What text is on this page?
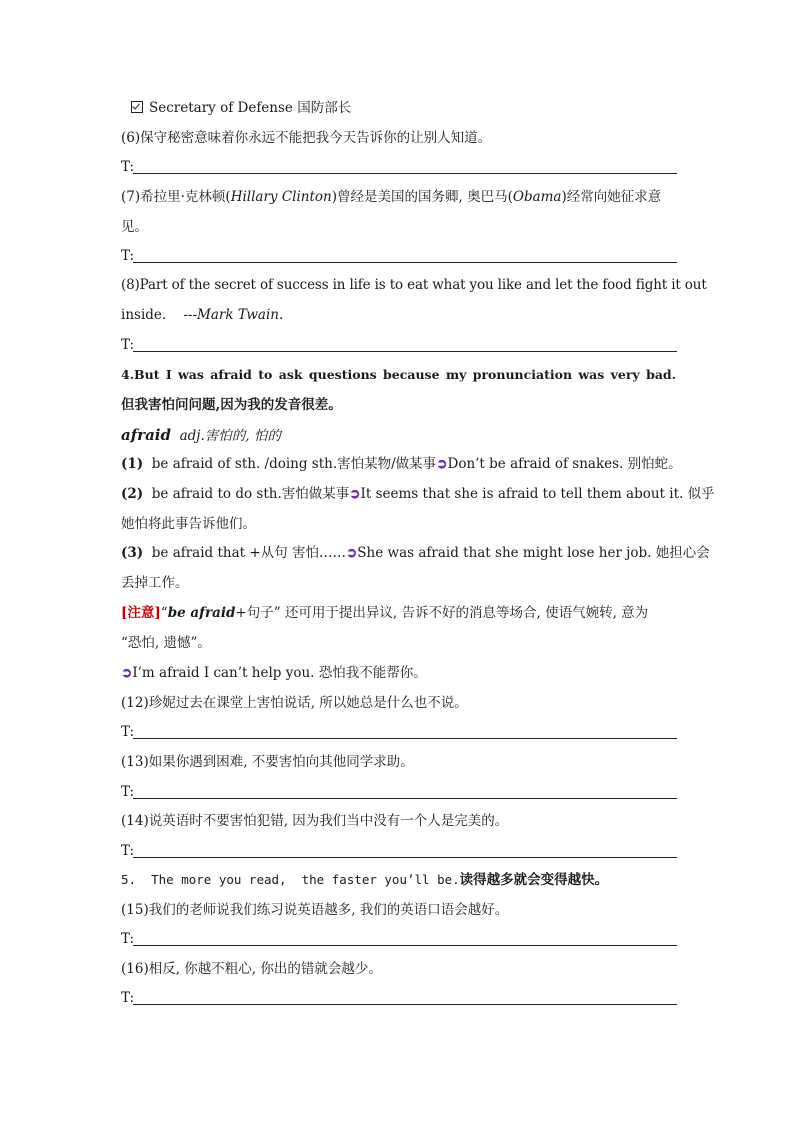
Secretary of Defense 国防部长
(6)保守秘密意味着你永远不能把我今天告诉你的让别人知道。
T:
(7)希拉里·克林顿(Hillary Clinton)曾经是美国的国务卿, 奥巴马(Obama)经常向她征求意
见。
T:
(8)Part of the secret of success in life is to eat what you like and let the food fight it out
inside.    ---Mark Twain.
T:
4.But I was afraid to ask questions because my pronunciation was very bad.
但我害怕问问题,因为我的发音很差。
afraid adj.害怕的, 怕的
(1) be afraid of sth. /doing sth.害怕某物/做某事➲Don’t be afraid of snakes. 别怕蛇。
(2) be afraid to do sth.害怕做某事➲It seems that she is afraid to tell them about it. 似乎
她怕将此事告诉他们。
(3) be afraid that +从句 害怕……➲She was afraid that she might lose her job. 她担心会
丢掉工作。
[注意]“be afraid+句子” 还可用于提出异议, 告诉不好的消息等场合, 使语气婉转, 意为
“恐怕, 遗憾”。
➲I’m afraid I can’t help you. 恐怕我不能帮你。
(12)珍妮过去在课堂上害怕说话, 所以她总是什么也不说。
T:
(13)如果你遇到困难, 不要害怕向其他同学求助。
T:
(14)说英语时不要害怕犯错, 因为我们当中没有一个人是完美的。
T:
5.  The more you read,  the faster you’ll be.读得越多就会变得越快。
(15)我们的老师说我们练习说英语越多, 我们的英语口语会越好。
T:
(16)相反, 你越不粗心, 你出的错就会越少。
T:
